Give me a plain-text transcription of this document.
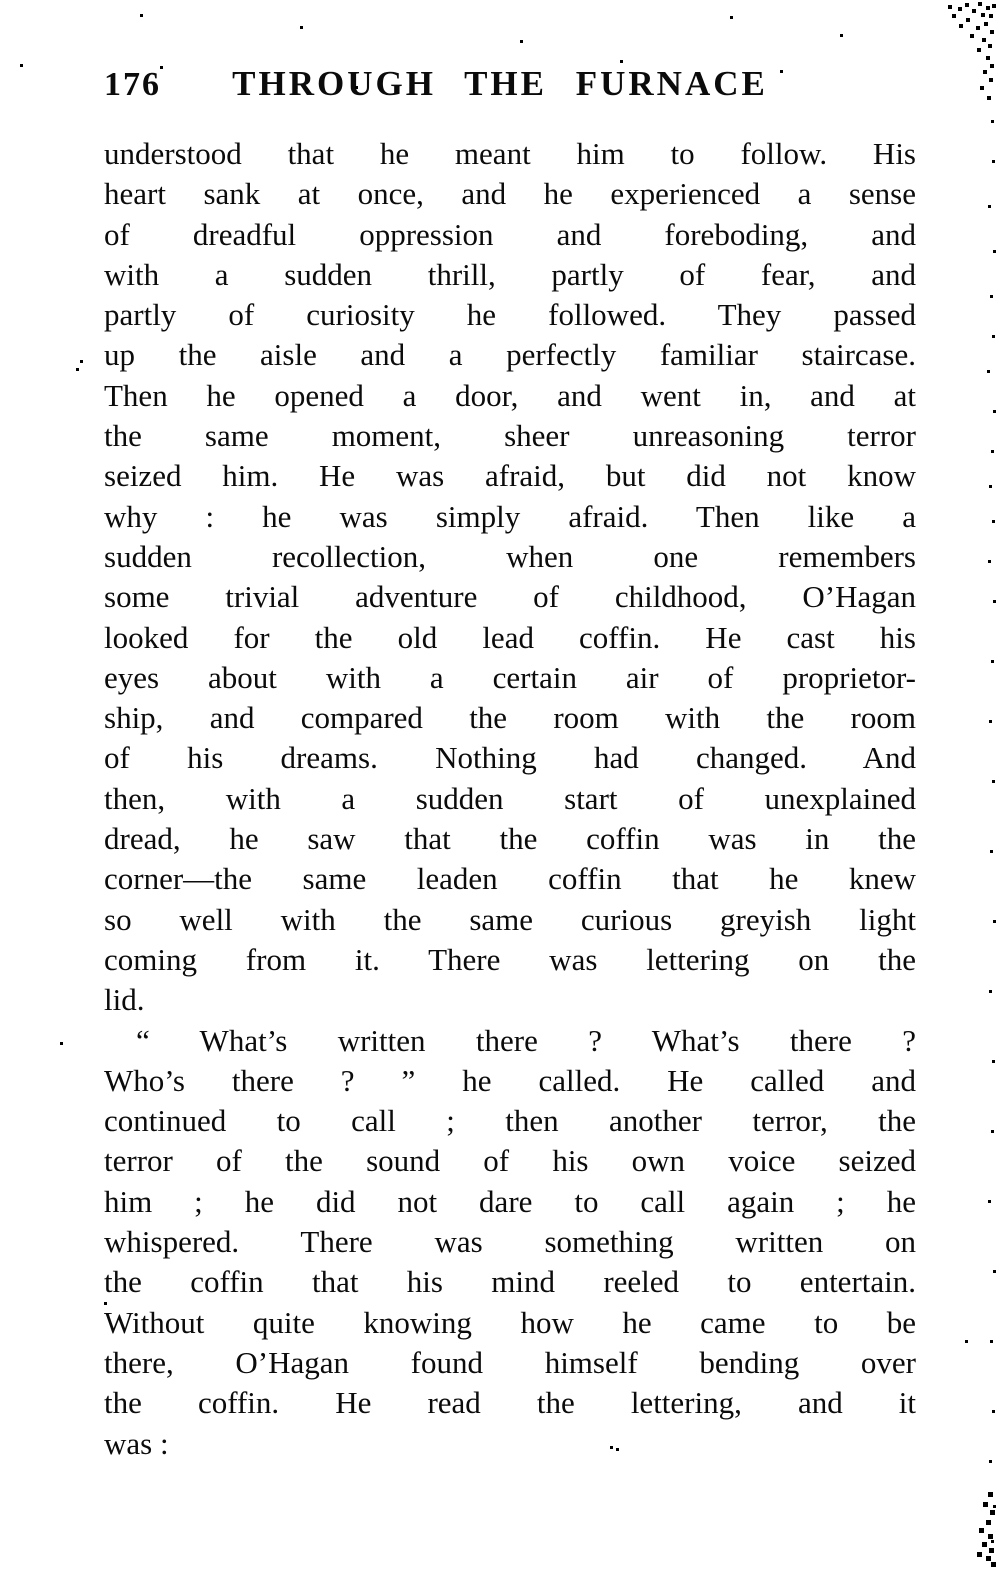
176	THROUGH THE FURNACE
understood that he meant him to follow. His
heart sank at once, and he experienced a sense
of dreadful oppression and foreboding, and
with a sudden thrill, partly of fear, and
partly of curiosity he followed. They passed
up the aisle and a perfectly familiar staircase.
Then he opened a door, and went in, and at
the same moment, sheer unreasoning terror
seized him. He was afraid, but did not know
why : he was simply afraid. Then like a
sudden recollection, when one remembers
some trivial adventure of childhood, O’Hagan
looked for the old lead coffin. He cast his
eyes about with a certain air of proprietor-
ship, and compared the room with the room
of his dreams. Nothing had changed. And
then, with a sudden start of unexplained
dread, he saw that the coffin was in the
corner—the same leaden coffin that he knew
so well with the same curious greyish light
coming from it. There was lettering on the
lid.
“ What’s written there ? What’s there ?
Who’s there ? ” he called. He called and
continued to call ; then another terror, the
terror of the sound of his own voice seized
him ; he did not dare to call again ; he
whispered. There was something written on
the coffin that his mind reeled to entertain.
Without quite knowing how he came to be
there, O’Hagan found himself bending over
the coffin. He read the lettering, and it
was :
